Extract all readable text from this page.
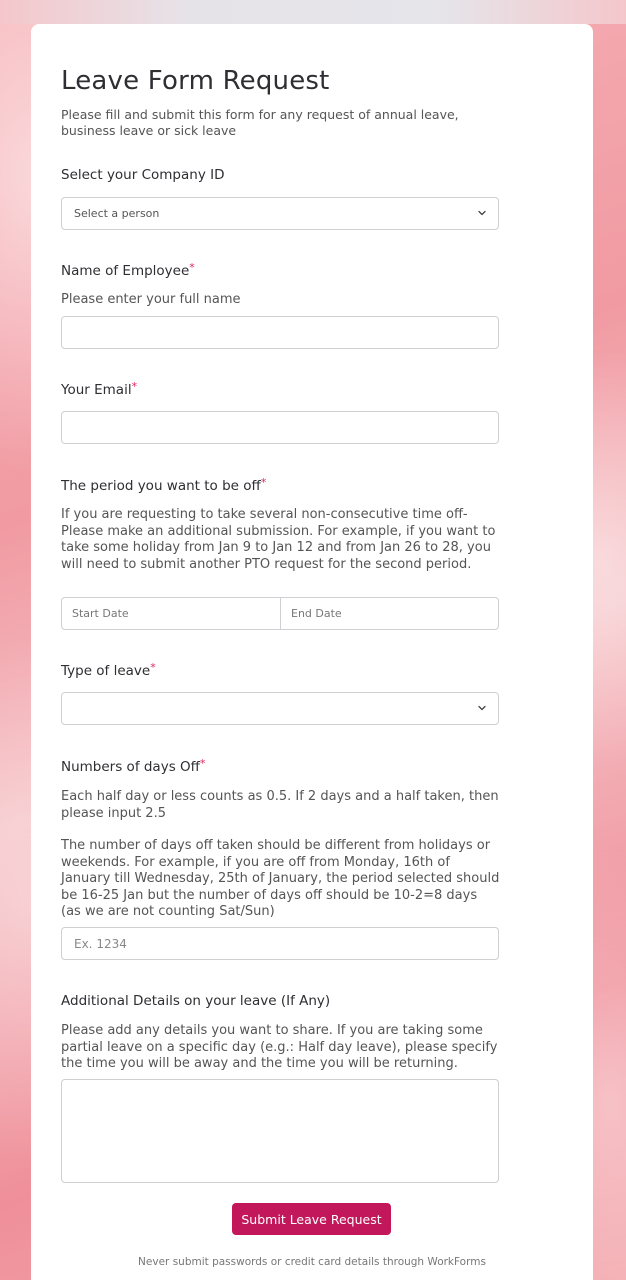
Leave Form Request
Please fill and submit this form for any request of annual leave, business leave or sick leave
Select your Company ID
Select a person
Name of Employee*
Please enter your full name
Your Email*
The period you want to be off*
If you are requesting to take several non-consecutive time off- Please make an additional submission. For example, if you want to take some holiday from Jan 9 to Jan 12 and from Jan 26 to 28, you will need to submit another PTO request for the second period.
Start Date	End Date
Type of leave*
Numbers of days Off*
Each half day or less counts as 0.5. If 2 days and a half taken, then please input 2.5
The number of days off taken should be different from holidays or weekends. For example, if you are off from Monday, 16th of January till Wednesday, 25th of January, the period selected should be 16-25 Jan but the number of days off should be 10-2=8 days (as we are not counting Sat/Sun)
Ex. 1234
Additional Details on your leave (If Any)
Please add any details you want to share. If you are taking some partial leave on a specific day (e.g.: Half day leave), please specify the time you will be away and the time you will be returning.
Submit Leave Request
Never submit passwords or credit card details through WorkForms
